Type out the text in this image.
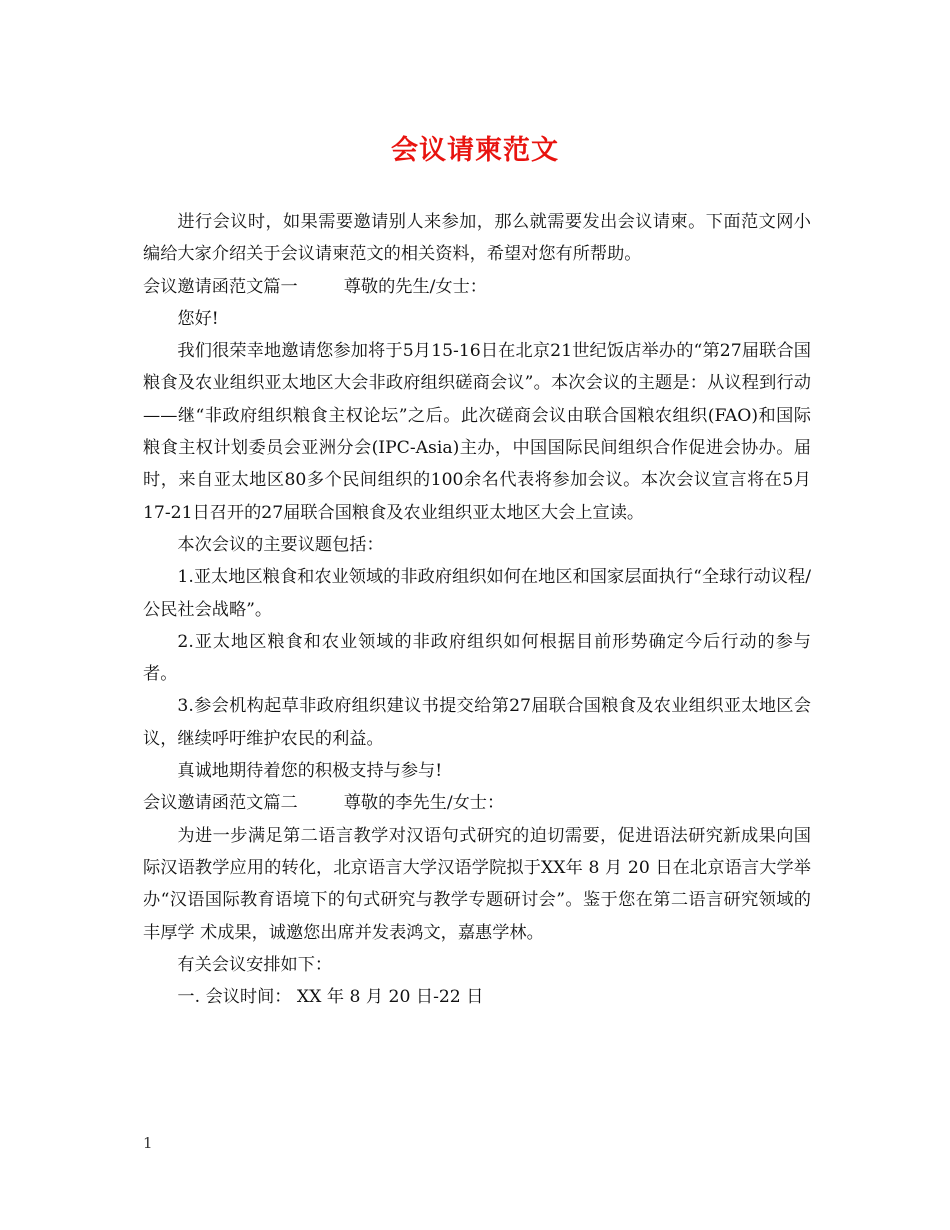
会议请柬范文

进行会议时，如果需要邀请别人来参加，那么就需要发出会议请柬。下面范文网小编给大家介绍关于会议请柬范文的相关资料，希望对您有所帮助。

会议邀请函范文篇一	尊敬的先生/女士：

您好!

我们很荣幸地邀请您参加将于5月15-16日在北京21世纪饭店举办的“第27届联合国粮食及农业组织亚太地区大会非政府组织磋商会议”。本次会议的主题是：从议程到行动——继“非政府组织粮食主权论坛”之后。此次磋商会议由联合国粮农组织(FAO)和国际粮食主权计划委员会亚洲分会(IPC-Asia)主办，中国国际民间组织合作促进会协办。届时，来自亚太地区80多个民间组织的100余名代表将参加会议。本次会议宣言将在5月17-21日召开的27届联合国粮食及农业组织亚太地区大会上宣读。

本次会议的主要议题包括：

1.亚太地区粮食和农业领域的非政府组织如何在地区和国家层面执行“全球行动议程/公民社会战略”。

2.亚太地区粮食和农业领域的非政府组织如何根据目前形势确定今后行动的参与者。

3.参会机构起草非政府组织建议书提交给第27届联合国粮食及农业组织亚太地区会议，继续呼吁维护农民的利益。

真诚地期待着您的积极支持与参与!

会议邀请函范文篇二	尊敬的李先生/女士：

为进一步满足第二语言教学对汉语句式研究的迫切需要，促进语法研究新成果向国际汉语教学应用的转化，北京语言大学汉语学院拟于XX年 8 月 20 日在北京语言大学举办“汉语国际教育语境下的句式研究与教学专题研讨会”。鉴于您在第二语言研究领域的丰厚学 术成果，诚邀您出席并发表鸿文，嘉惠学林。

有关会议安排如下：

一. 会议时间： XX 年 8 月 20 日-22 日

1
